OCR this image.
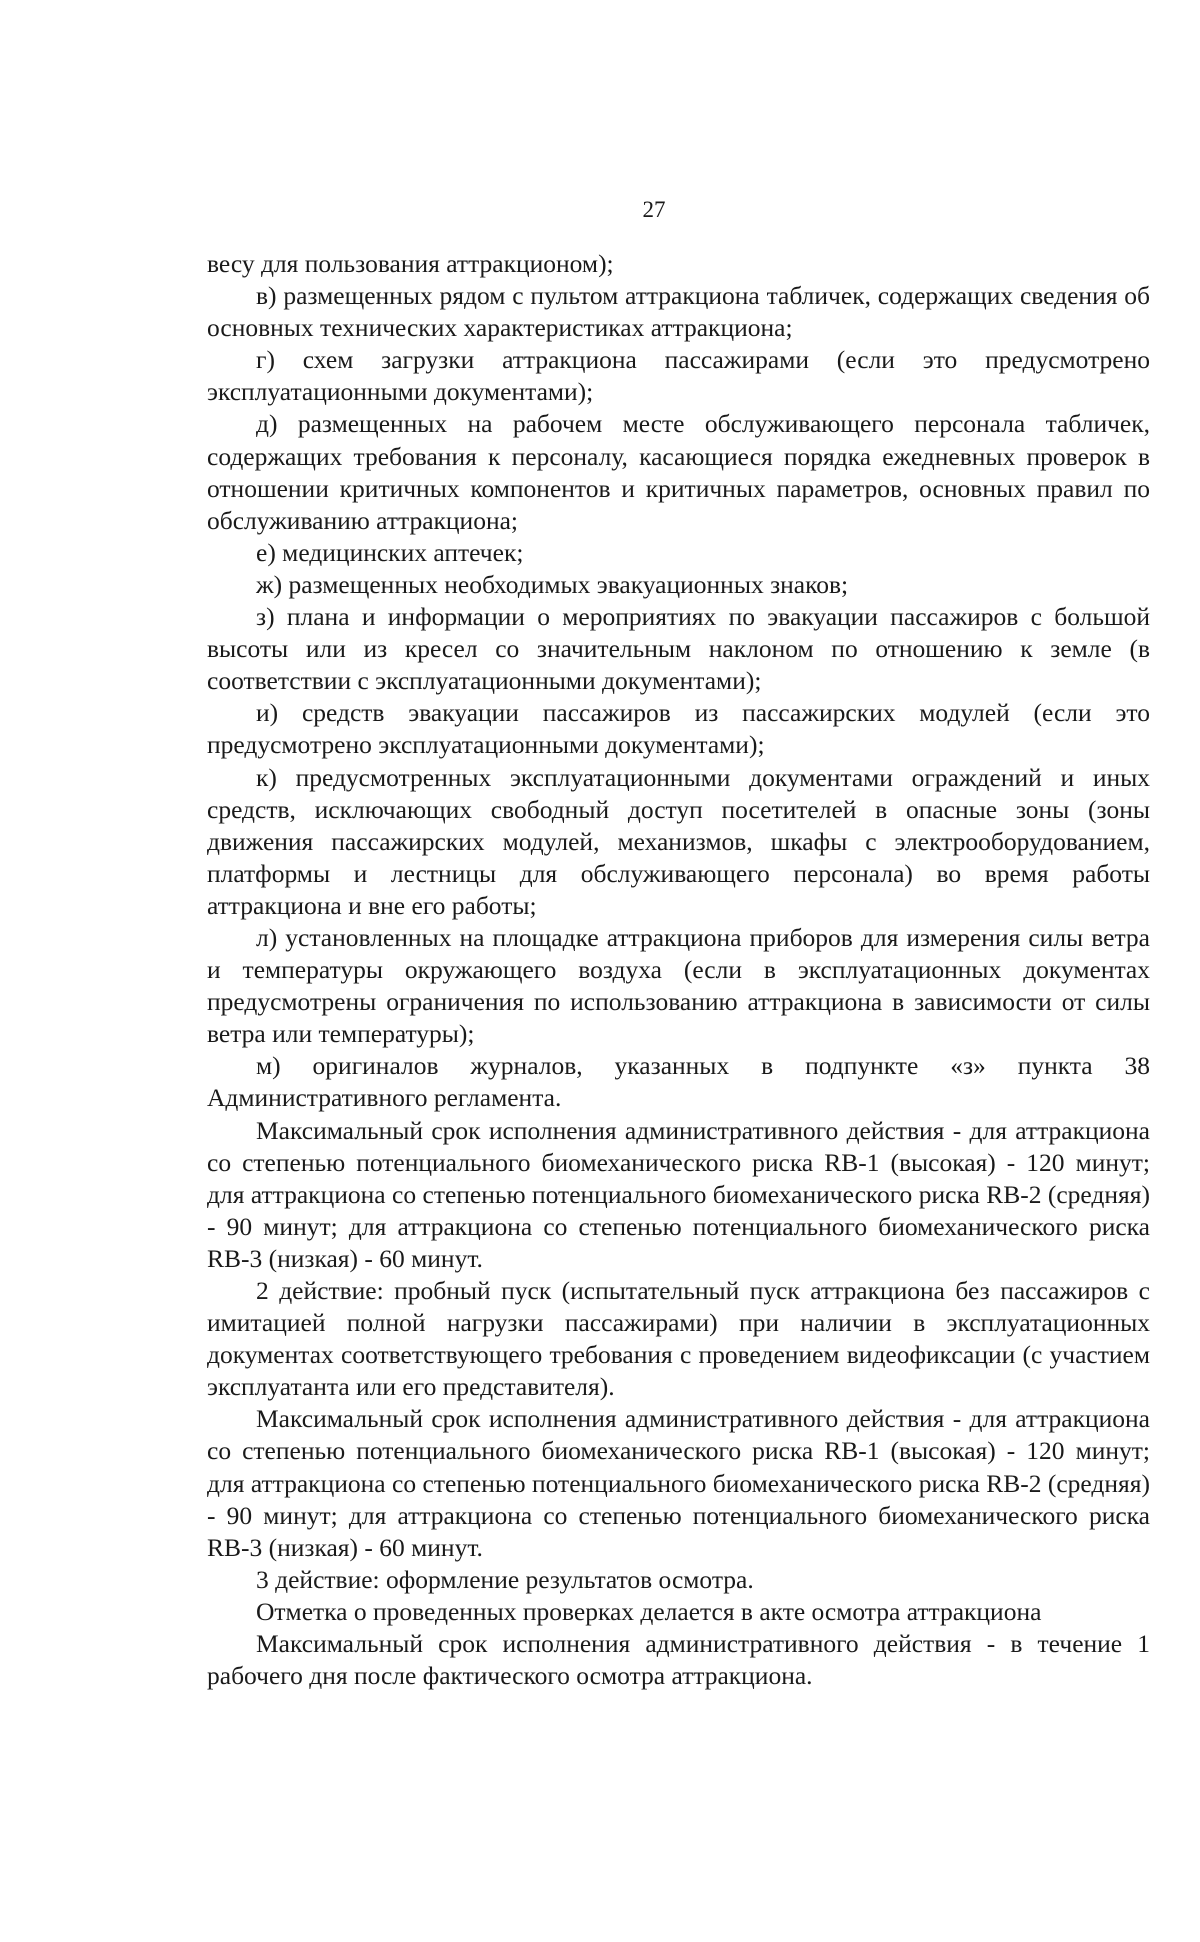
27

весу для пользования аттракционом);

в) размещенных рядом с пультом аттракциона табличек, содержащих сведения об основных технических характеристиках аттракциона;

г) схем загрузки аттракциона пассажирами (если это предусмотрено эксплуатационными документами);

д) размещенных на рабочем месте обслуживающего персонала табличек, содержащих требования к персоналу, касающиеся порядка ежедневных проверок в отношении критичных компонентов и критичных параметров, основных правил по обслуживанию аттракциона;

е) медицинских аптечек;

ж) размещенных необходимых эвакуационных знаков;

з) плана и информации о мероприятиях по эвакуации пассажиров с большой высоты или из кресел со значительным наклоном по отношению к земле (в соответствии с эксплуатационными документами);

и) средств эвакуации пассажиров из пассажирских модулей (если это предусмотрено эксплуатационными документами);

к) предусмотренных эксплуатационными документами ограждений и иных средств, исключающих свободный доступ посетителей в опасные зоны (зоны движения пассажирских модулей, механизмов, шкафы с электрооборудованием, платформы и лестницы для обслуживающего персонала) во время работы аттракциона и вне его работы;

л) установленных на площадке аттракциона приборов для измерения силы ветра и температуры окружающего воздуха (если в эксплуатационных документах предусмотрены ограничения по использованию аттракциона в зависимости от силы ветра или температуры);

м) оригиналов журналов, указанных в подпункте «з» пункта 38 Административного регламента.

Максимальный срок исполнения административного действия - для аттракциона со степенью потенциального биомеханического риска RB-1 (высокая) - 120 минут; для аттракциона со степенью потенциального биомеханического риска RB-2 (средняя) - 90 минут; для аттракциона со степенью потенциального биомеханического риска RB-3 (низкая) - 60 минут.

2 действие: пробный пуск (испытательный пуск аттракциона без пассажиров с имитацией полной нагрузки пассажирами) при наличии в эксплуатационных документах соответствующего требования с проведением видеофиксации (с участием эксплуатанта или его представителя).

Максимальный срок исполнения административного действия - для аттракциона со степенью потенциального биомеханического риска RB-1 (высокая) - 120 минут; для аттракциона со степенью потенциального биомеханического риска RB-2 (средняя) - 90 минут; для аттракциона со степенью потенциального биомеханического риска RB-3 (низкая) - 60 минут.

3 действие: оформление результатов осмотра.

Отметка о проведенных проверках делается в акте осмотра аттракциона

Максимальный срок исполнения административного действия - в течение 1 рабочего дня после фактического осмотра аттракциона.
